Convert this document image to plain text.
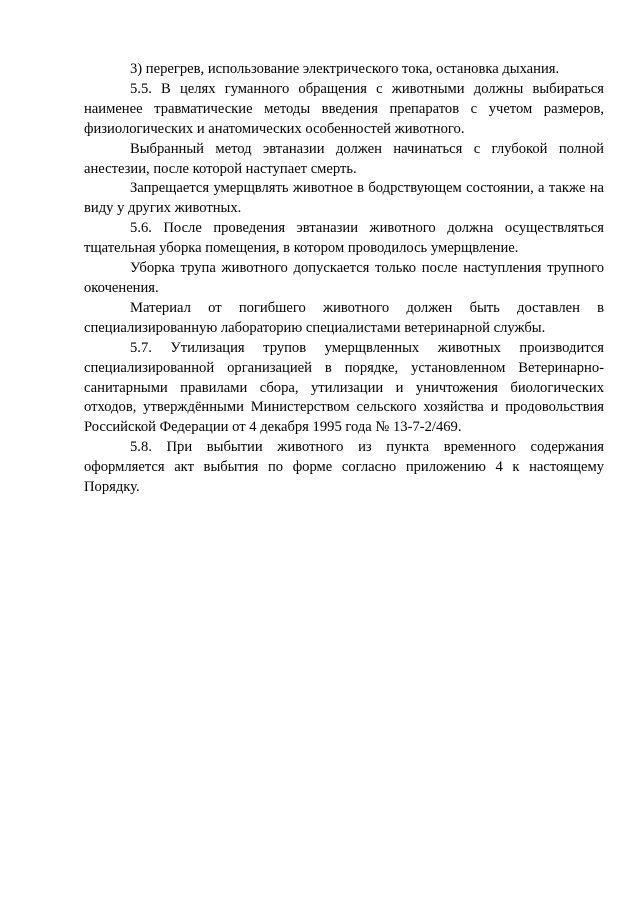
3) перегрев, использование электрического тока, остановка дыхания.

5.5. В целях гуманного обращения с животными должны выбираться наименее травматические методы введения препаратов с учетом размеров, физиологических и анатомических особенностей животного.

Выбранный метод эвтаназии должен начинаться с глубокой полной анестезии, после которой наступает смерть.

Запрещается умерщвлять животное в бодрствующем состоянии, а также на виду у других животных.

5.6. После проведения эвтаназии животного должна осуществляться тщательная уборка помещения, в котором проводилось умерщвление.

Уборка трупа животного допускается только после наступления трупного окоченения.

Материал от погибшего животного должен быть доставлен в специализированную лабораторию специалистами ветеринарной службы.

5.7. Утилизация трупов умерщвленных животных производится специализированной организацией в порядке, установленном Ветеринарно-санитарными правилами сбора, утилизации и уничтожения биологических отходов, утверждёнными Министерством сельского хозяйства и продовольствия Российской Федерации от 4 декабря 1995 года № 13-7-2/469.

5.8. При выбытии животного из пункта временного содержания оформляется акт выбытия по форме согласно приложению 4 к настоящему Порядку.
